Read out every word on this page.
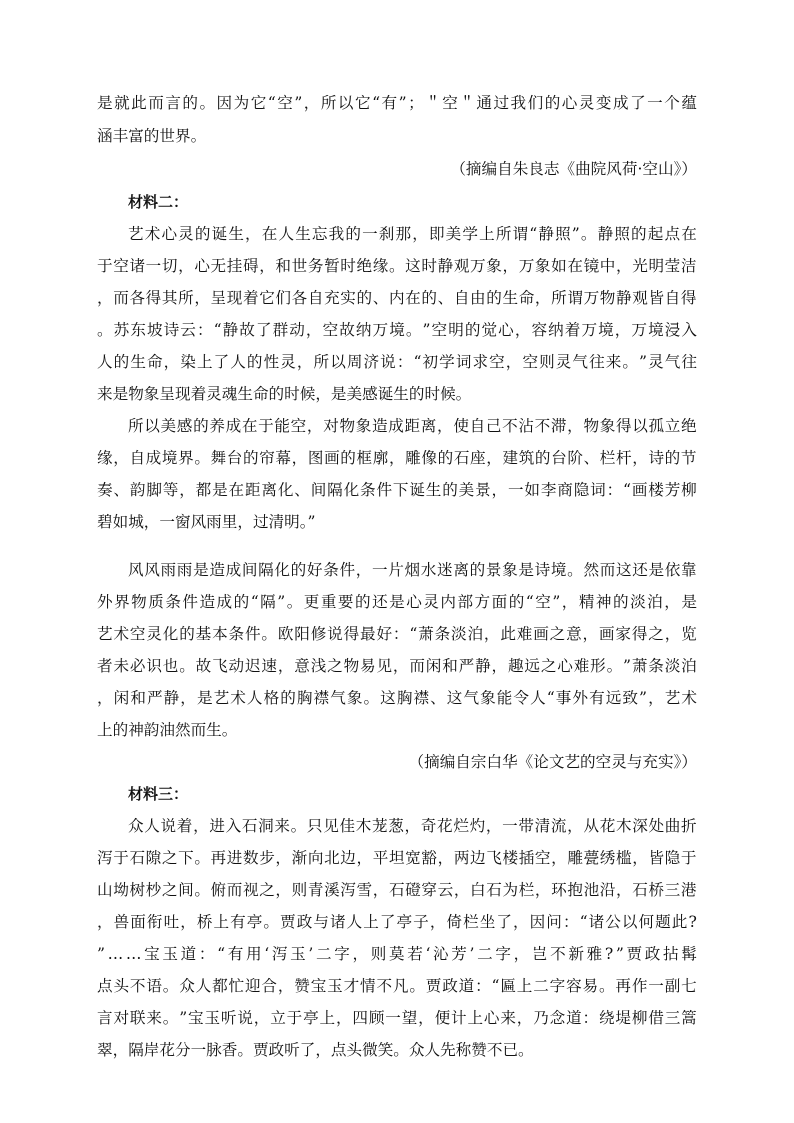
是 就 此 而 言 的 。 因 为 它 “ 空 ” ， 所 以 它 “ 有 ” ； ＂ 空 ＂ 通 过 我 们 的 心 灵 变 成 了 一 个 蕴
涵丰富的世界。
（摘编自朱良志《曲院风荷·空山》）
材料二：
艺 术 心 灵 的 诞 生 ， 在 人 生 忘 我 的 一 刹 那 ， 即 美 学 上 所 谓 “ 静 照 ” 。 静 照 的 起 点 在
于 空 诸 一 切 ， 心 无 挂 碍 ， 和 世 务 暂 时 绝 缘 。 这 时 静 观 万 象 ， 万 象 如 在 镜 中 ， 光 明 莹 洁
， 而 各 得 其 所 ， 呈 现 着 它 们 各 自 充 实 的 、 内 在 的 、 自 由 的 生 命 ， 所 谓 万 物 静 观 皆 自 得
。 苏 东 坡 诗 云 ： “ 静 故 了 群 动 ， 空 故 纳 万 境 。 ” 空 明 的 觉 心 ， 容 纳 着 万 境 ， 万 境 浸 入
人 的 生 命 ， 染 上 了 人 的 性 灵 ， 所 以 周 济 说 ： “ 初 学 词 求 空 ， 空 则 灵 气 往 来 。 ” 灵 气 往
来是物象呈现着灵魂生命的时候，是美感诞生的时候。
所 以 美 感 的 养 成 在 于 能 空 ， 对 物 象 造 成 距 离 ， 使 自 己 不 沾 不 滞 ， 物 象 得 以 孤 立 绝
缘 ， 自 成 境 界 。 舞 台 的 帘 幕 ， 图 画 的 框 廓 ， 雕 像 的 石 座 ， 建 筑 的 台 阶 、 栏 杆 ， 诗 的 节
奏 、 韵 脚 等 ， 都 是 在 距 离 化 、 间 隔 化 条 件 下 诞 生 的 美 景 ， 一 如 李 商 隐 词 ： “ 画 楼 芳 柳
碧如城，一窗风雨里，过清明。”
风 风 雨 雨 是 造 成 间 隔 化 的 好 条 件 ， 一 片 烟 水 迷 离 的 景 象 是 诗 境 。 然 而 这 还 是 依 靠
外 界 物 质 条 件 造 成 的 “ 隔 ” 。 更 重 要 的 还 是 心 灵 内 部 方 面 的 “ 空 ” ， 精 神 的 淡 泊 ， 是
艺 术 空 灵 化 的 基 本 条 件 。 欧 阳 修 说 得 最 好 ： “ 萧 条 淡 泊 ， 此 难 画 之 意 ， 画 家 得 之 ， 览
者 未 必 识 也 。 故 飞 动 迟 速 ， 意 浅 之 物 易 见 ， 而 闲 和 严 静 ， 趣 远 之 心 难 形 。 ” 萧 条 淡 泊
， 闲 和 严 静 ， 是 艺 术 人 格 的 胸 襟 气 象 。 这 胸 襟 、 这 气 象 能 令 人 “ 事 外 有 远 致 ” ， 艺 术
上的神韵油然而生。
（摘编自宗白华《论文艺的空灵与充实》）
材料三：
众 人 说 着 ， 进 入 石 洞 来 。 只 见 佳 木 茏 葱 ， 奇 花 烂 灼 ， 一 带 清 流 ， 从 花 木 深 处 曲 折
泻 于 石 隙 之 下 。 再 进 数 步 ， 渐 向 北 边 ， 平 坦 宽 豁 ， 两 边 飞 楼 插 空 ， 雕 甍 绣 槛 ， 皆 隐 于
山 坳 树 杪 之 间 。 俯 而 视 之 ， 则 青 溪 泻 雪 ， 石 磴 穿 云 ， 白 石 为 栏 ， 环 抱 池 沿 ， 石 桥 三 港
， 兽 面 衔 吐 ， 桥 上 有 亭 。 贾 政 与 诸 人 上 了 亭 子 ， 倚 栏 坐 了 ， 因 问 ： “ 诸 公 以 何 题 此 ?
” … … 宝 玉 道 ： “ 有 用 ‘ 泻 玉 ’ 二 字 ， 则 莫 若 ‘ 沁 芳 ’ 二 字 ， 岂 不 新 雅 ? ” 贾 政 拈 髯
点 头 不 语 。 众 人 都 忙 迎 合 ， 赞 宝 玉 才 情 不 凡 。 贾 政 道 ： “ 匾 上 二 字 容 易 。 再 作 一 副 七
言 对 联 来 。 ” 宝 玉 听 说 ， 立 于 亭 上 ， 四 顾 一 望 ， 便 计 上 心 来 ， 乃 念 道 ： 绕 堤 柳 借 三 篙
翠，隔岸花分一脉香。贾政听了，点头微笑。众人先称赞不已。
